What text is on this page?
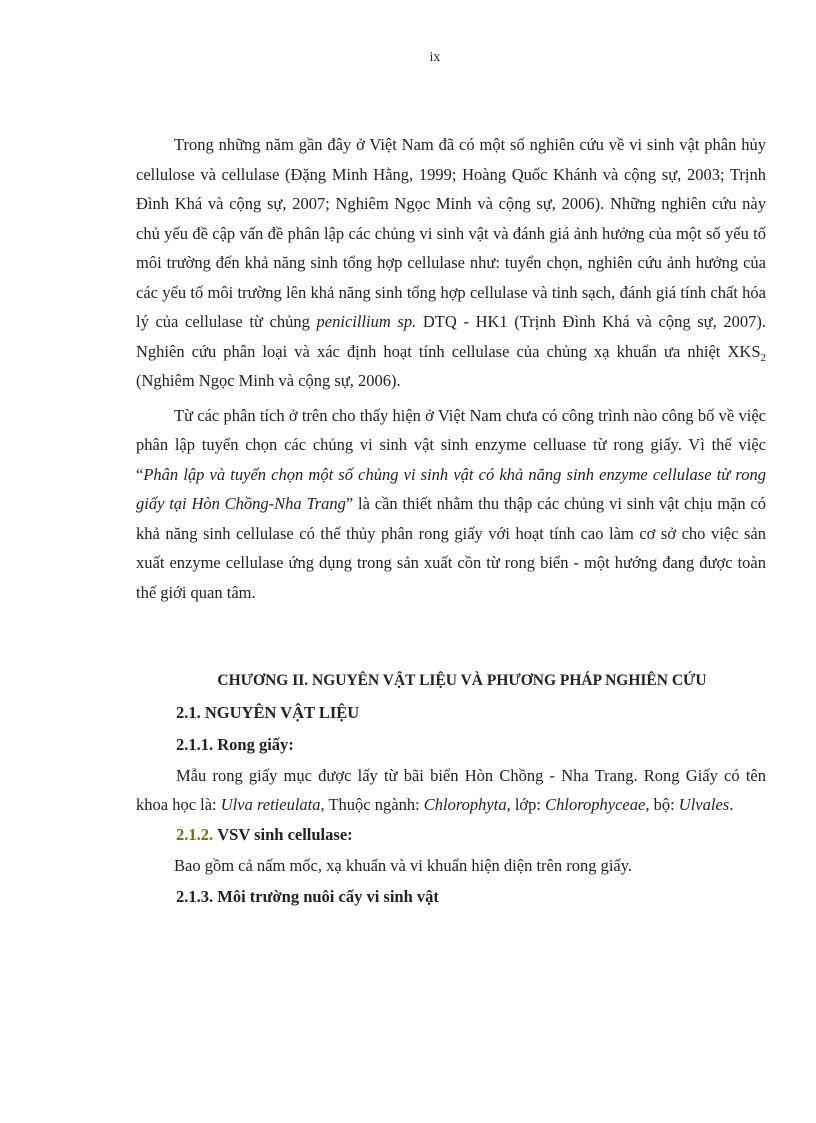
ix

Trong những năm gần đây ở Việt Nam đã có một số nghiên cứu về vi sinh vật phân hủy cellulose và cellulase (Đặng Minh Hằng, 1999; Hoàng Quốc Khánh và cộng sự, 2003; Trịnh Đình Khá và cộng sự, 2007; Nghiêm Ngọc Minh và cộng sự, 2006). Những nghiên cứu này chủ yếu đề cập vấn đề phân lập các chủng vi sinh vật và đánh giá ảnh hưởng của một số yếu tố môi trường đến khả năng sinh tổng hợp cellulase như: tuyển chọn, nghiên cứu ảnh hưởng của các yếu tố môi trường lên khả năng sinh tổng hợp cellulase và tinh sạch, đánh giá tính chất hóa lý của cellulase từ chủng penicillium sp. DTQ - HK1 (Trịnh Đình Khá và cộng sự, 2007). Nghiên cứu phân loại và xác định hoạt tính cellulase của chủng xạ khuẩn ưa nhiệt $XKS_2$ (Nghiêm Ngọc Minh và cộng sự, 2006).

Từ các phân tích ở trên cho thấy hiện ở Việt Nam chưa có công trình nào công bố về việc phân lập tuyển chọn các chủng vi sinh vật sinh enzyme celluase từ rong giấy. Vì thế việc “Phân lập và tuyển chọn một số chủng vi sinh vật có khả năng sinh enzyme cellulase từ rong giấy tại Hòn Chồng-Nha Trang” là cần thiết nhằm thu thập các chủng vi sinh vật chịu mặn có khả năng sinh cellulase có thể thủy phân rong giấy với hoạt tính cao làm cơ sở cho việc sản xuất enzyme cellulase ứng dụng trong sản xuất cồn từ rong biển - một hướng đang được toàn thế giới quan tâm.

CHƯƠNG II. NGUYÊN VẬT LIỆU VÀ PHƯƠNG PHÁP NGHIÊN CỨU
2.1. NGUYÊN VẬT LIỆU
2.1.1. Rong giấy:

Mẫu rong giấy mục được lấy từ bãi biển Hòn Chồng - Nha Trang. Rong Giấy có tên khoa học là: Ulva retieulata, Thuộc ngành: Chlorophyta, lớp: Chlorophyceae, bộ: Ulvales.

2.1.2. VSV sinh cellulase:
Bao gồm cả nấm mốc, xạ khuẩn và vi khuẩn hiện diện trên rong giấy.
2.1.3. Môi trường nuôi cấy vi sinh vật
